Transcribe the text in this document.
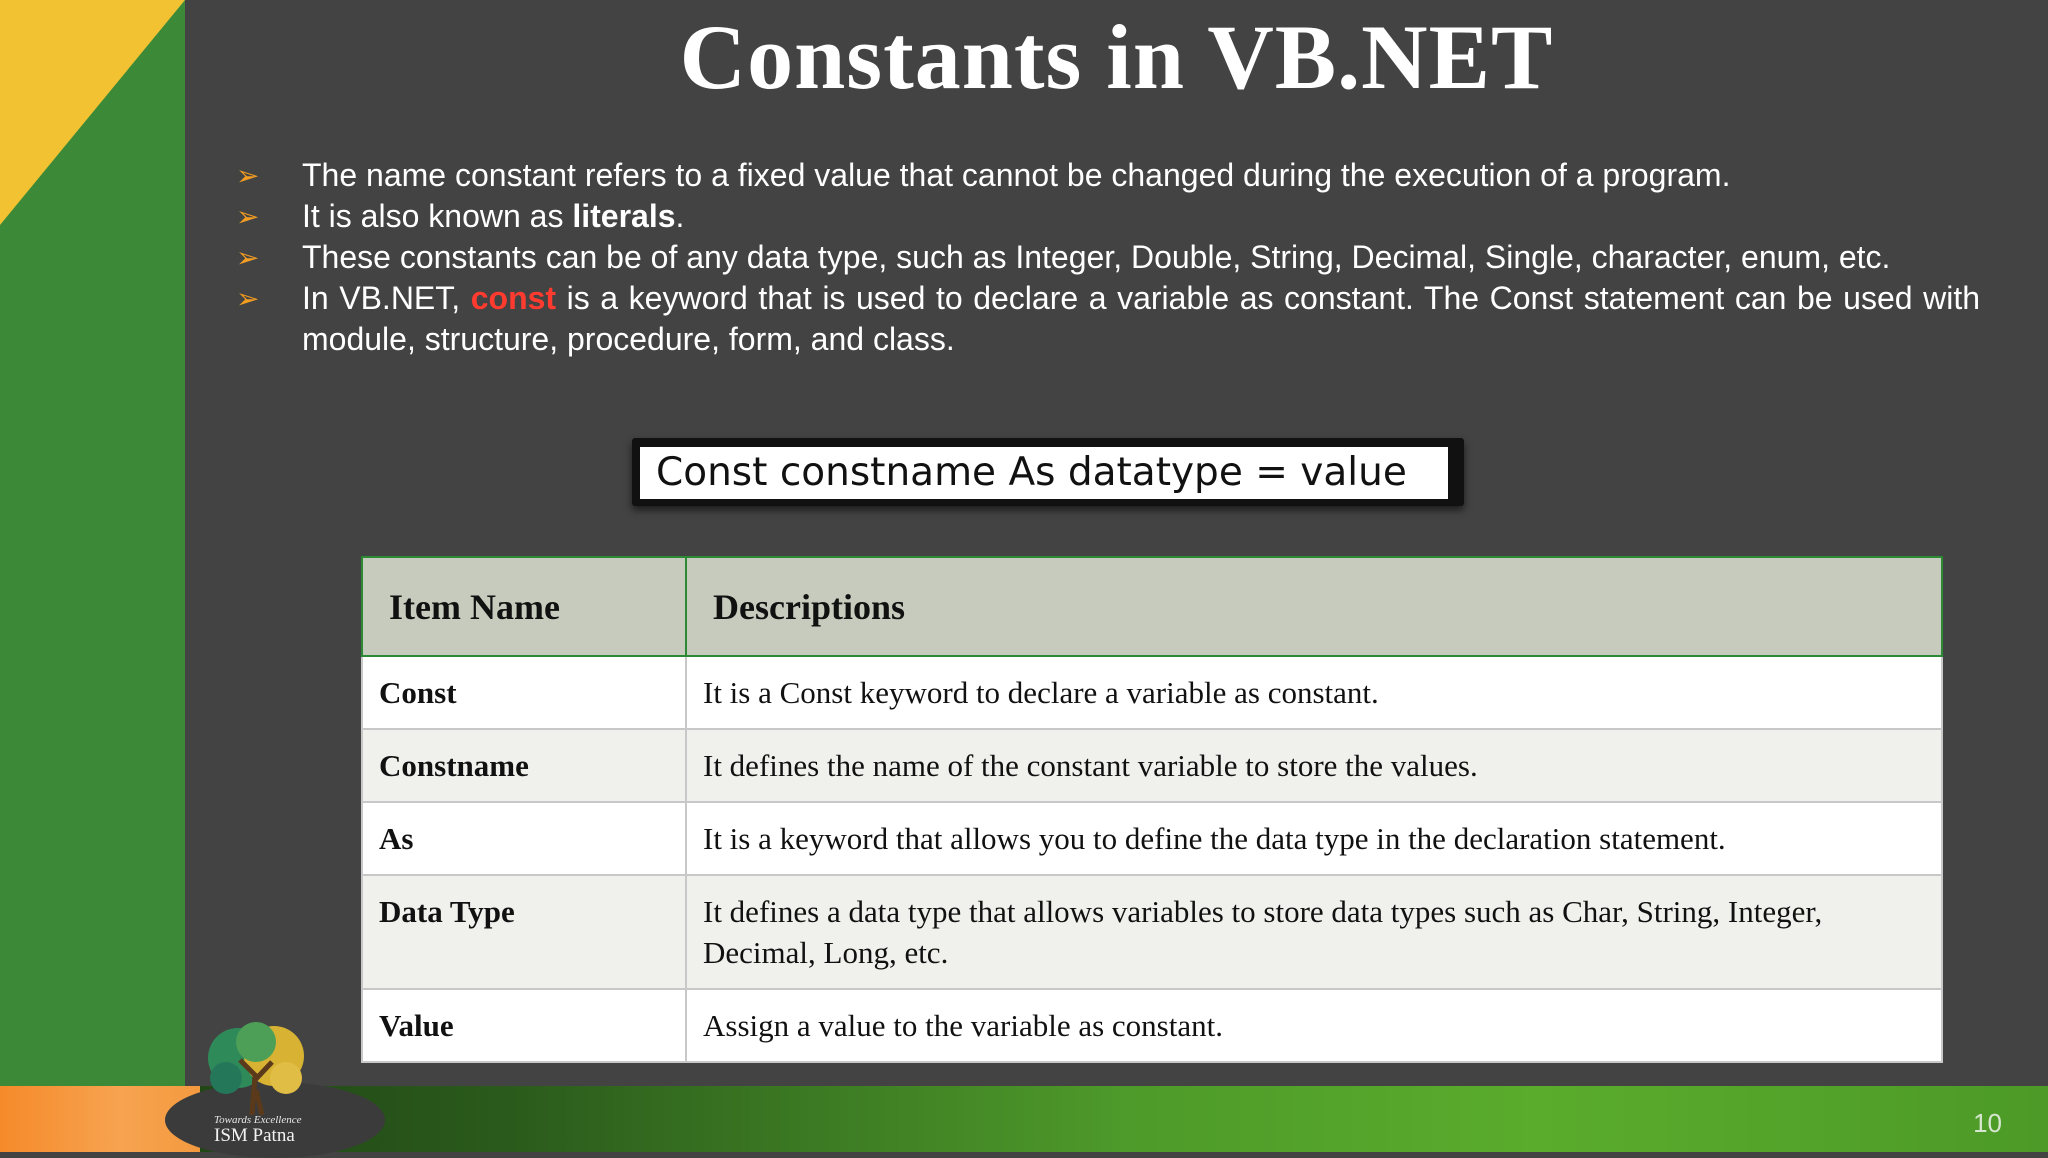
Constants in VB.NET
➢ The name constant refers to a fixed value that cannot be changed during the execution of a program.
➢ It is also known as literals.
➢ These constants can be of any data type, such as Integer, Double, String, Decimal, Single, character, enum, etc.
➢ In VB.NET, const is a keyword that is used to declare a variable as constant. The Const statement can be used with module, structure, procedure, form, and class.
Const constname As datatype = value
Item Name	Descriptions
Const	It is a Const keyword to declare a variable as constant.
Constname	It defines the name of the constant variable to store the values.
As	It is a keyword that allows you to define the data type in the declaration statement.
Data Type	It defines a data type that allows variables to store data types such as Char, String, Integer, Decimal, Long, etc.
Value	Assign a value to the variable as constant.
Towards Excellence
ISM Patna	10
